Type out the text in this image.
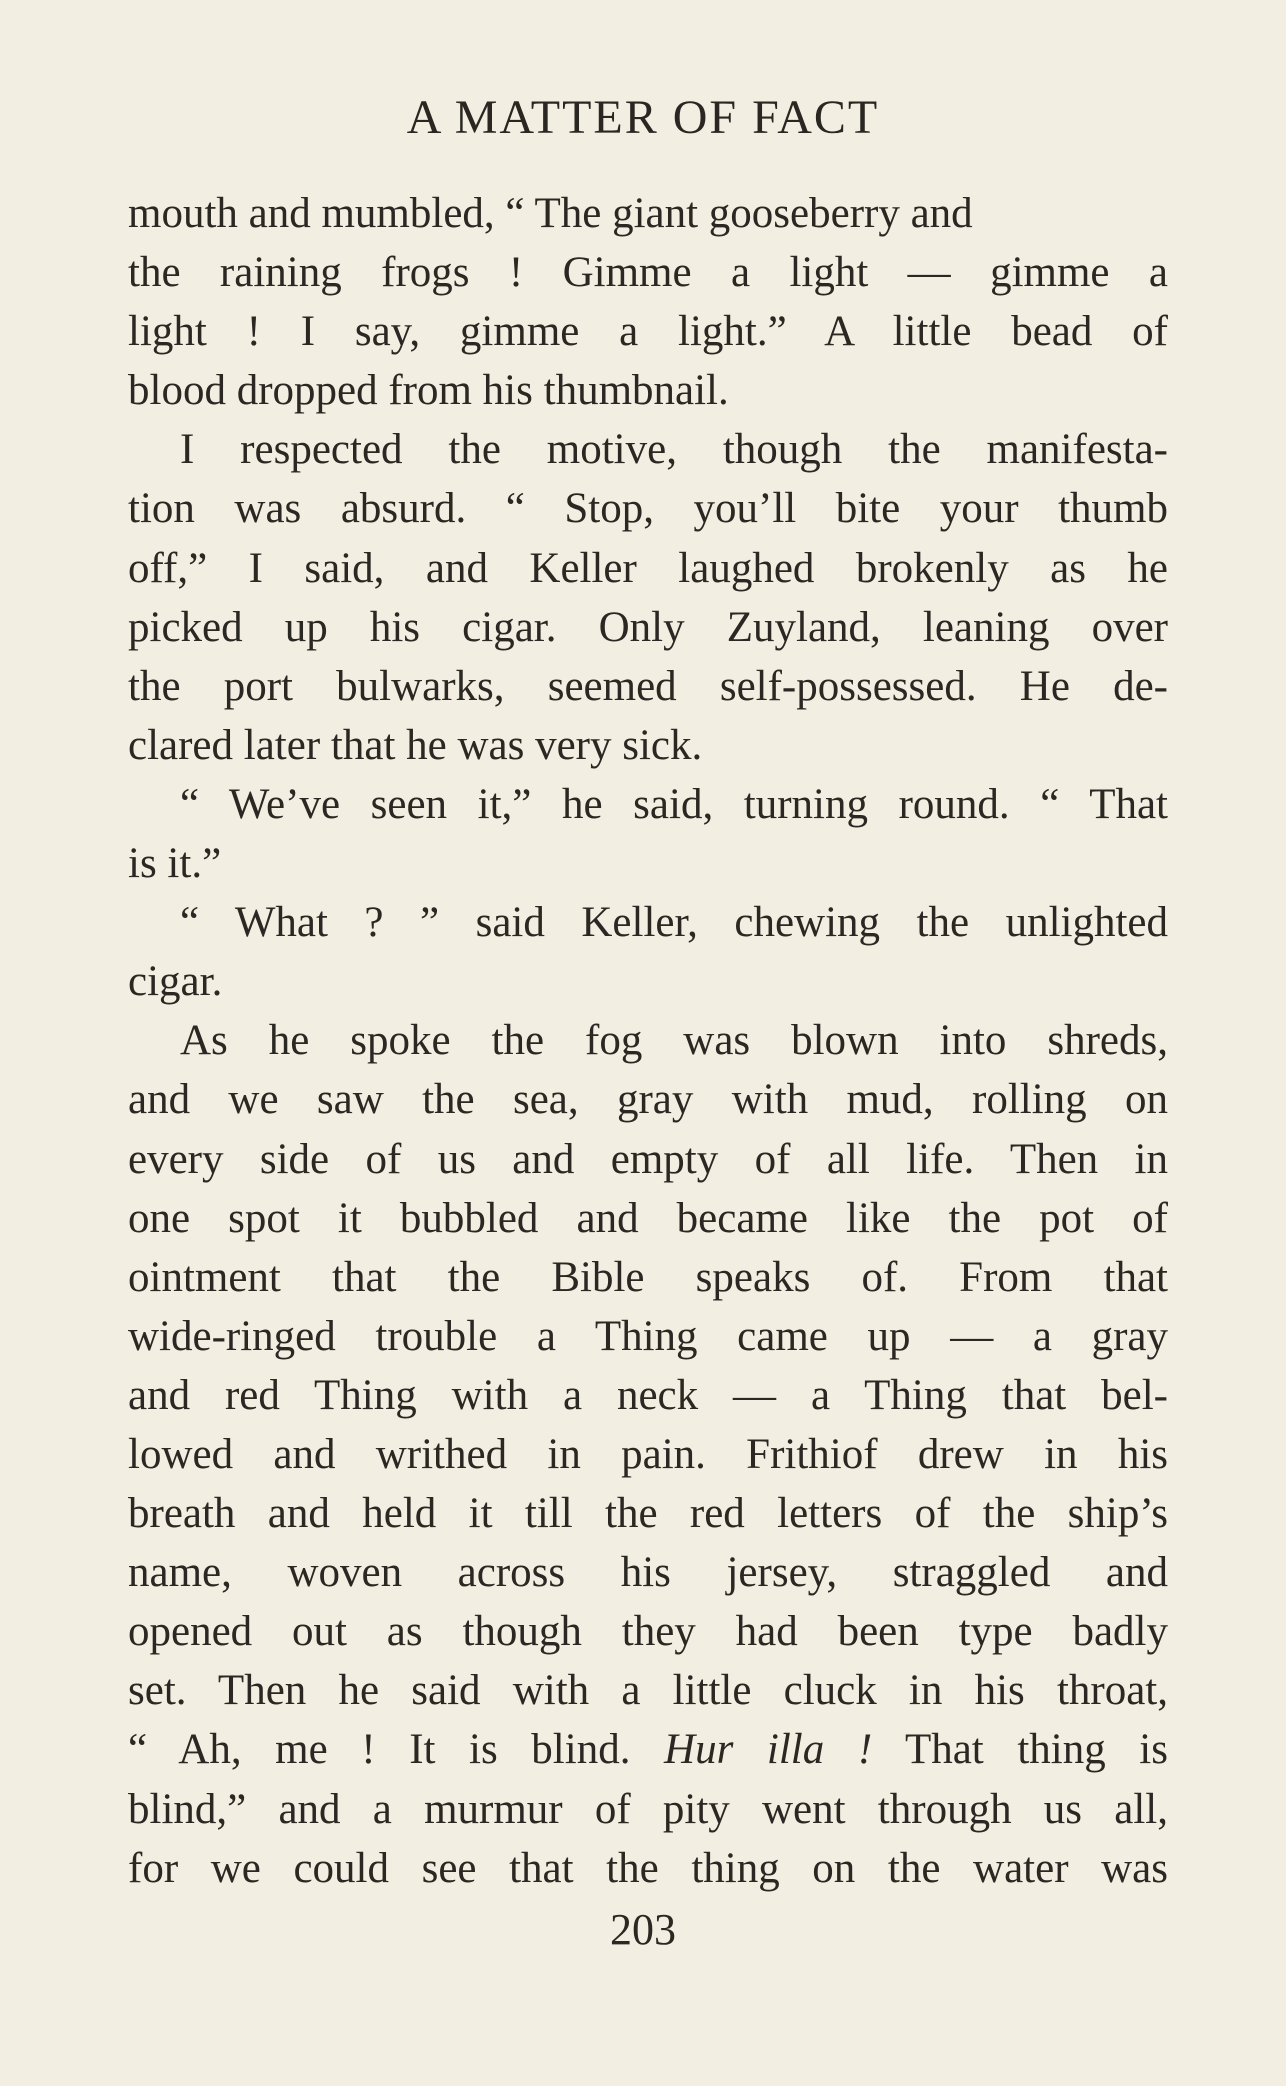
A MATTER OF FACT
mouth and mumbled, “ The giant gooseberry and
the raining frogs ! Gimme a light — gimme a
light ! I say, gimme a light.” A little bead of
blood dropped from his thumbnail.
I respected the motive, though the manifesta-
tion was absurd. “ Stop, you’ll bite your thumb
off,” I said, and Keller laughed brokenly as he
picked up his cigar. Only Zuyland, leaning over
the port bulwarks, seemed self-possessed. He de-
clared later that he was very sick.
“ We’ve seen it,” he said, turning round. “ That
is it.”
“ What ? ” said Keller, chewing the unlighted
cigar.
As he spoke the fog was blown into shreds,
and we saw the sea, gray with mud, rolling on
every side of us and empty of all life. Then in
one spot it bubbled and became like the pot of
ointment that the Bible speaks of. From that
wide-ringed trouble a Thing came up — a gray
and red Thing with a neck — a Thing that bel-
lowed and writhed in pain. Frithiof drew in his
breath and held it till the red letters of the ship’s
name, woven across his jersey, straggled and
opened out as though they had been type badly
set. Then he said with a little cluck in his throat,
“ Ah, me ! It is blind. Hur illa ! That thing is
blind,” and a murmur of pity went through us all,
for we could see that the thing on the water was
203
